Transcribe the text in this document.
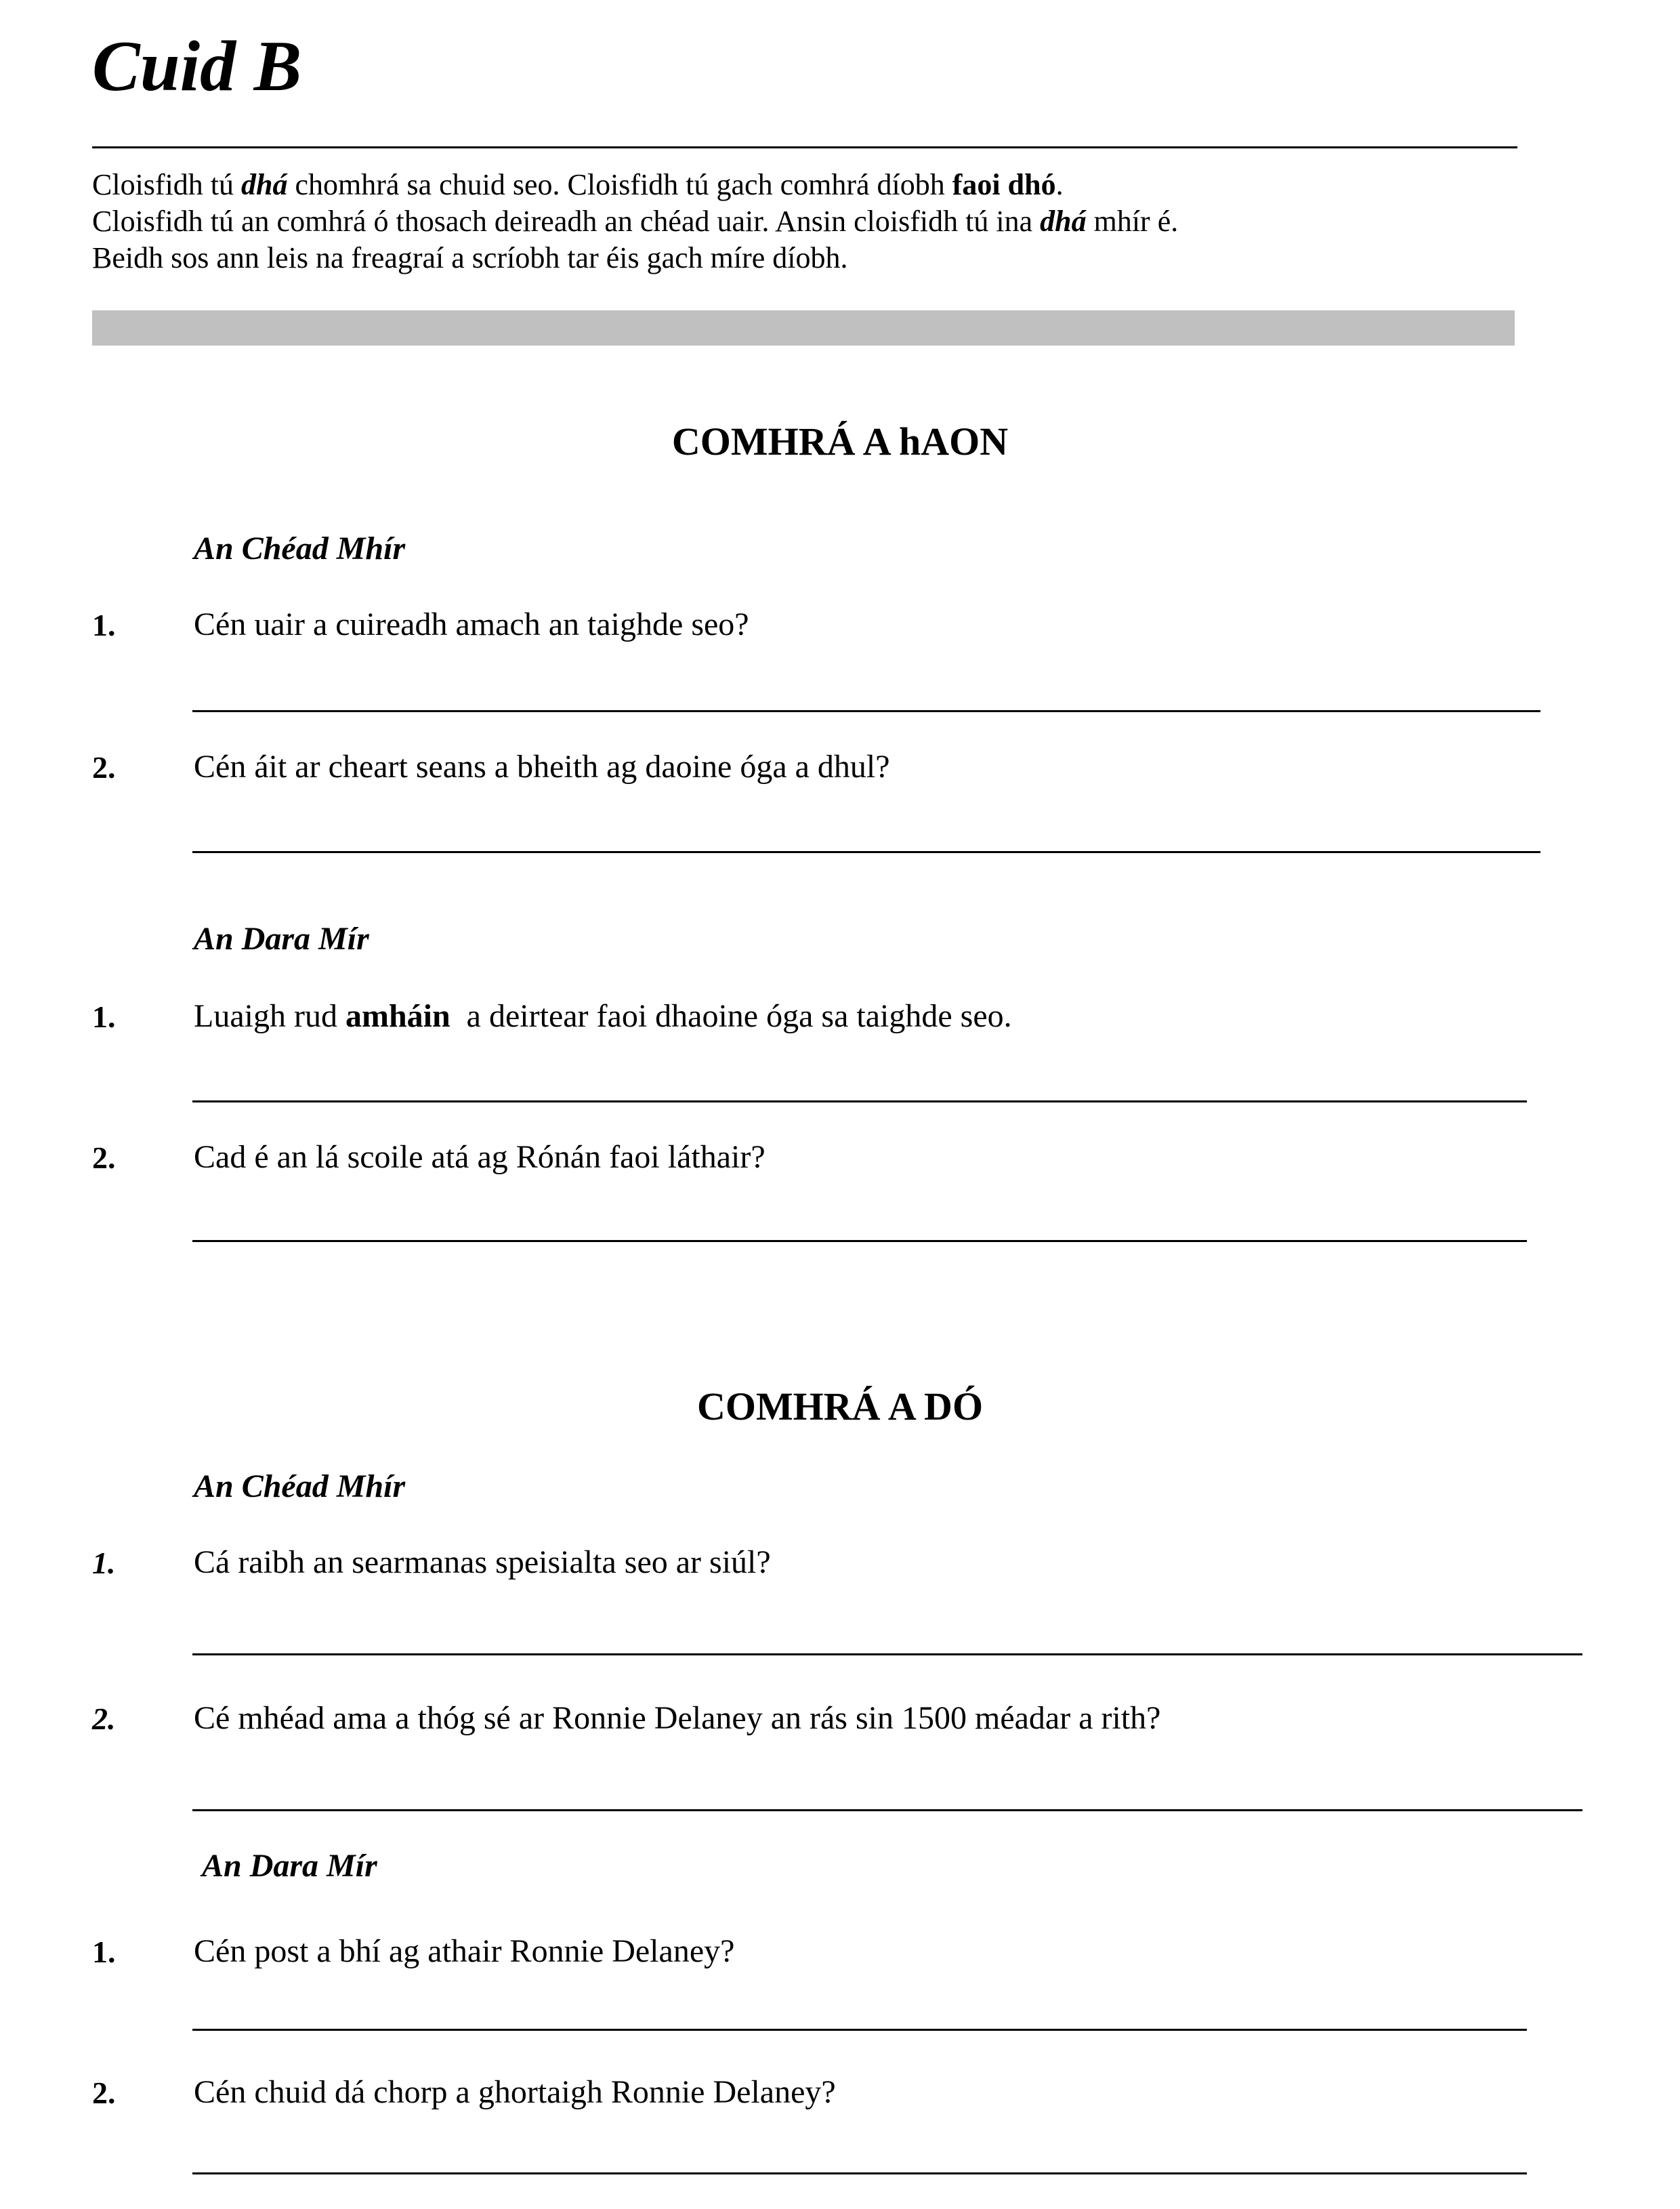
Cuid B

Cloisfidh tú dhá chomhrá sa chuid seo. Cloisfidh tú gach comhrá díobh faoi dhó.

Cloisfidh tú an comhrá ó thosach deireadh an chéad uair. Ansin cloisfidh tú ina dhá mhír é.

Beidh sos ann leis na freagraí a scríobh tar éis gach míre díobh.

COMHRÁ A hAON
An Chéad Mhír
1. Cén uair a cuireadh amach an taighde seo?
2. Cén áit ar cheart seans a bheith ag daoine óga a dhul?
An Dara Mír
1. Luaigh rud amháin  a deirtear faoi dhaoine óga sa taighde seo.
2. Cad é an lá scoile atá ag Rónán faoi láthair?
COMHRÁ A DÓ
An Chéad Mhír
1. Cá raibh an searmanas speisialta seo ar siúl?
2. Cé mhéad ama a thóg sé ar Ronnie Delaney an rás sin 1500 méadar a rith?
An Dara Mír
1. Cén post a bhí ag athair Ronnie Delaney?
2. Cén chuid dá chorp a ghortaigh Ronnie Delaney?
